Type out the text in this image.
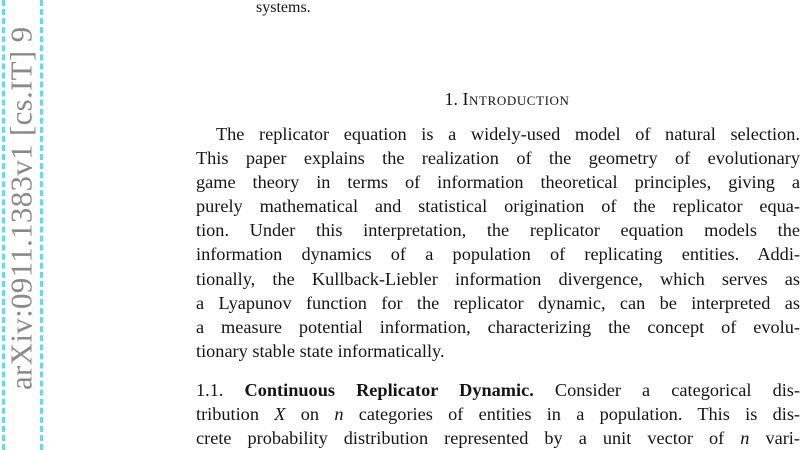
arXiv:0911.1383v1 [cs.IT] 9
systems.
1. Introduction
The replicator equation is a widely-used model of natural selection.
This paper explains the realization of the geometry of evolutionary
game theory in terms of information theoretical principles, giving a
purely mathematical and statistical origination of the replicator equa-
tion. Under this interpretation, the replicator equation models the
information dynamics of a population of replicating entities. Addi-
tionally, the Kullback-Liebler information divergence, which serves as
a Lyapunov function for the replicator dynamic, can be interpreted as
a measure potential information, characterizing the concept of evolu-
tionary stable state informatically.
1.1. Continuous Replicator Dynamic. Consider a categorical dis-
tribution X on n categories of entities in a population. This is dis-
crete probability distribution represented by a unit vector of n vari-
